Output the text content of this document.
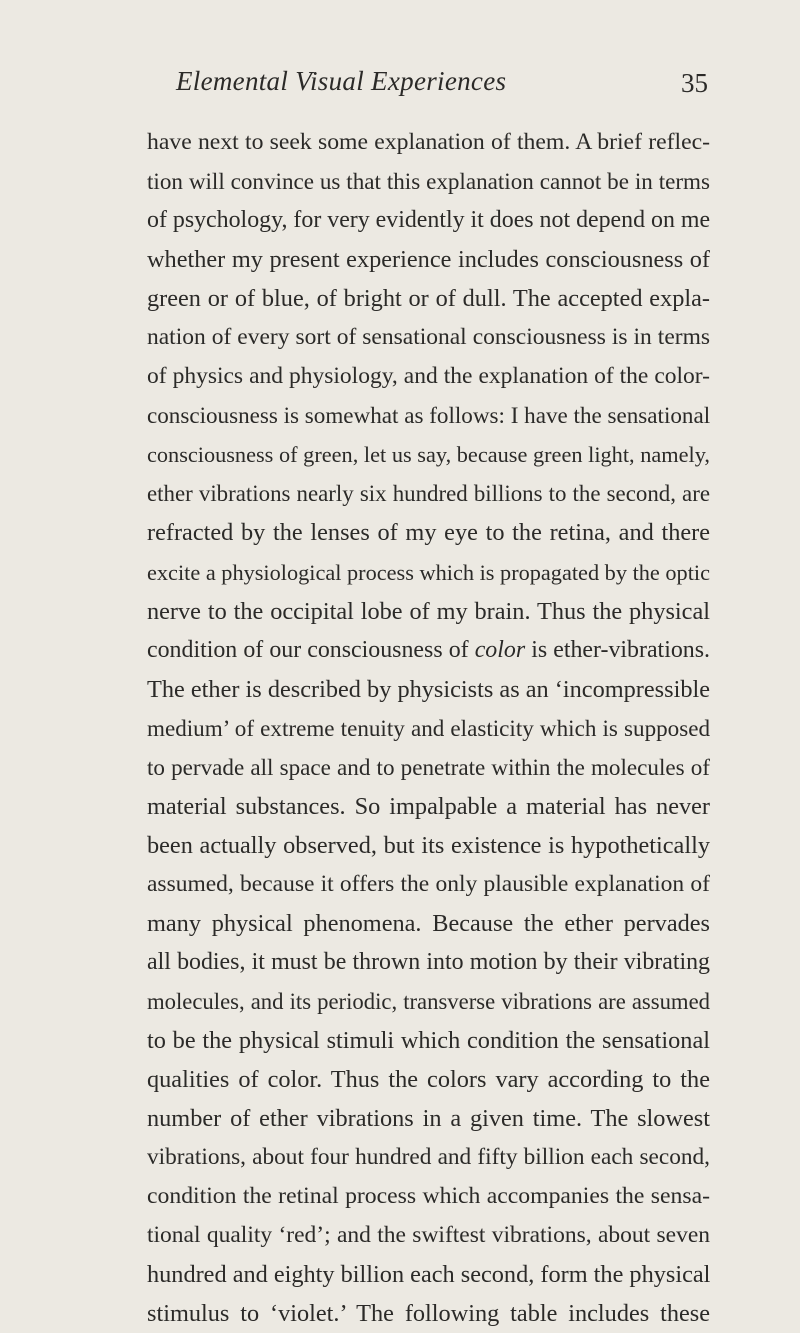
Elemental Visual Experiences	35
have next to seek some explanation of them. A brief reflec-
tion will convince us that this explanation cannot be in terms
of psychology, for very evidently it does not depend on me
whether my present experience includes consciousness of
green or of blue, of bright or of dull. The accepted expla-
nation of every sort of sensational consciousness is in terms
of physics and physiology, and the explanation of the color-
consciousness is somewhat as follows: I have the sensational
consciousness of green, let us say, because green light, namely,
ether vibrations nearly six hundred billions to the second, are
refracted by the lenses of my eye to the retina, and there
excite a physiological process which is propagated by the optic
nerve to the occipital lobe of my brain. Thus the physical
condition of our consciousness of color is ether-vibrations.
The ether is described by physicists as an ‘incompressible
medium’ of extreme tenuity and elasticity which is supposed
to pervade all space and to penetrate within the molecules of
material substances. So impalpable a material has never
been actually observed, but its existence is hypothetically
assumed, because it offers the only plausible explanation of
many physical phenomena. Because the ether pervades
all bodies, it must be thrown into motion by their vibrating
molecules, and its periodic, transverse vibrations are assumed
to be the physical stimuli which condition the sensational
qualities of color. Thus the colors vary according to the
number of ether vibrations in a given time. The slowest
vibrations, about four hundred and fifty billion each second,
condition the retinal process which accompanies the sensa-
tional quality ‘red’; and the swiftest vibrations, about seven
hundred and eighty billion each second, form the physical
stimulus to ‘violet.’ The following table includes these
